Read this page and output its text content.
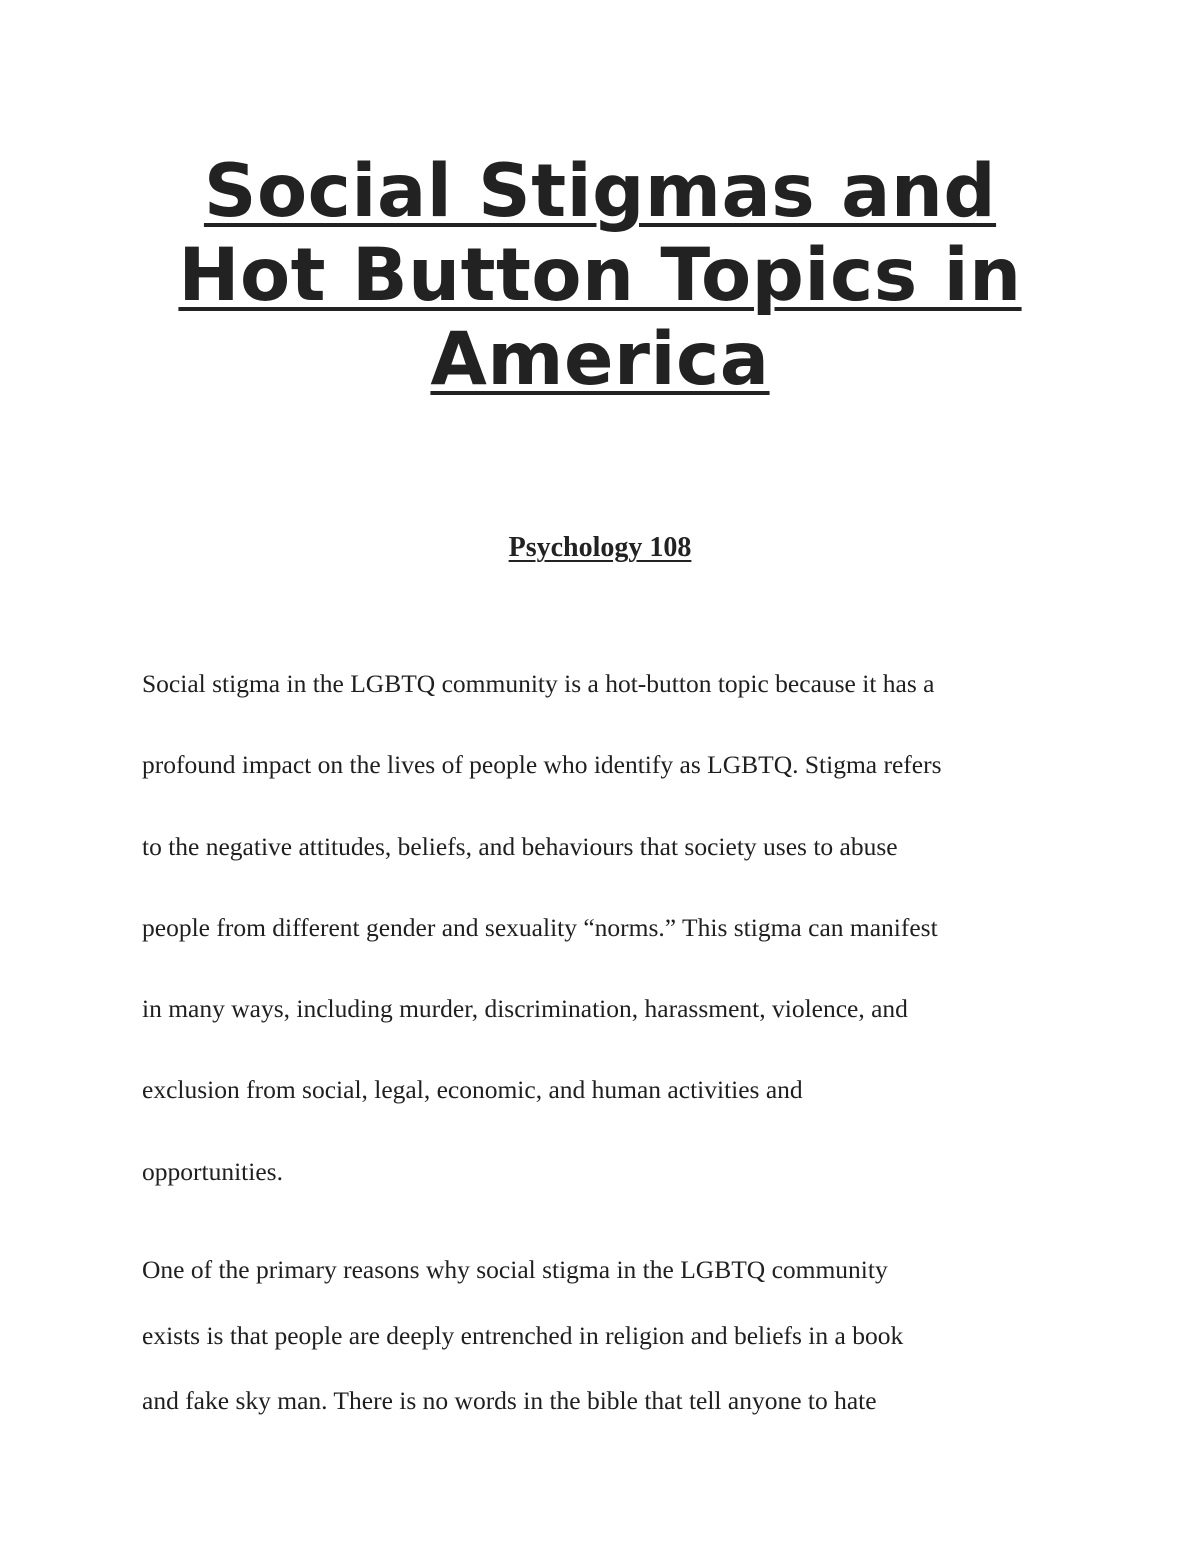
Social Stigmas and
Hot Button Topics in
America
Psychology 108
Social stigma in the LGBTQ community is a hot-button topic because it has a
profound impact on the lives of people who identify as LGBTQ. Stigma refers
to the negative attitudes, beliefs, and behaviours that society uses to abuse
people from different gender and sexuality “norms.” This stigma can manifest
in many ways, including murder, discrimination, harassment, violence, and
exclusion from social, legal, economic, and human activities and
opportunities.
One of the primary reasons why social stigma in the LGBTQ community
exists is that people are deeply entrenched in religion and beliefs in a book
and fake sky man. There is no words in the bible that tell anyone to hate
